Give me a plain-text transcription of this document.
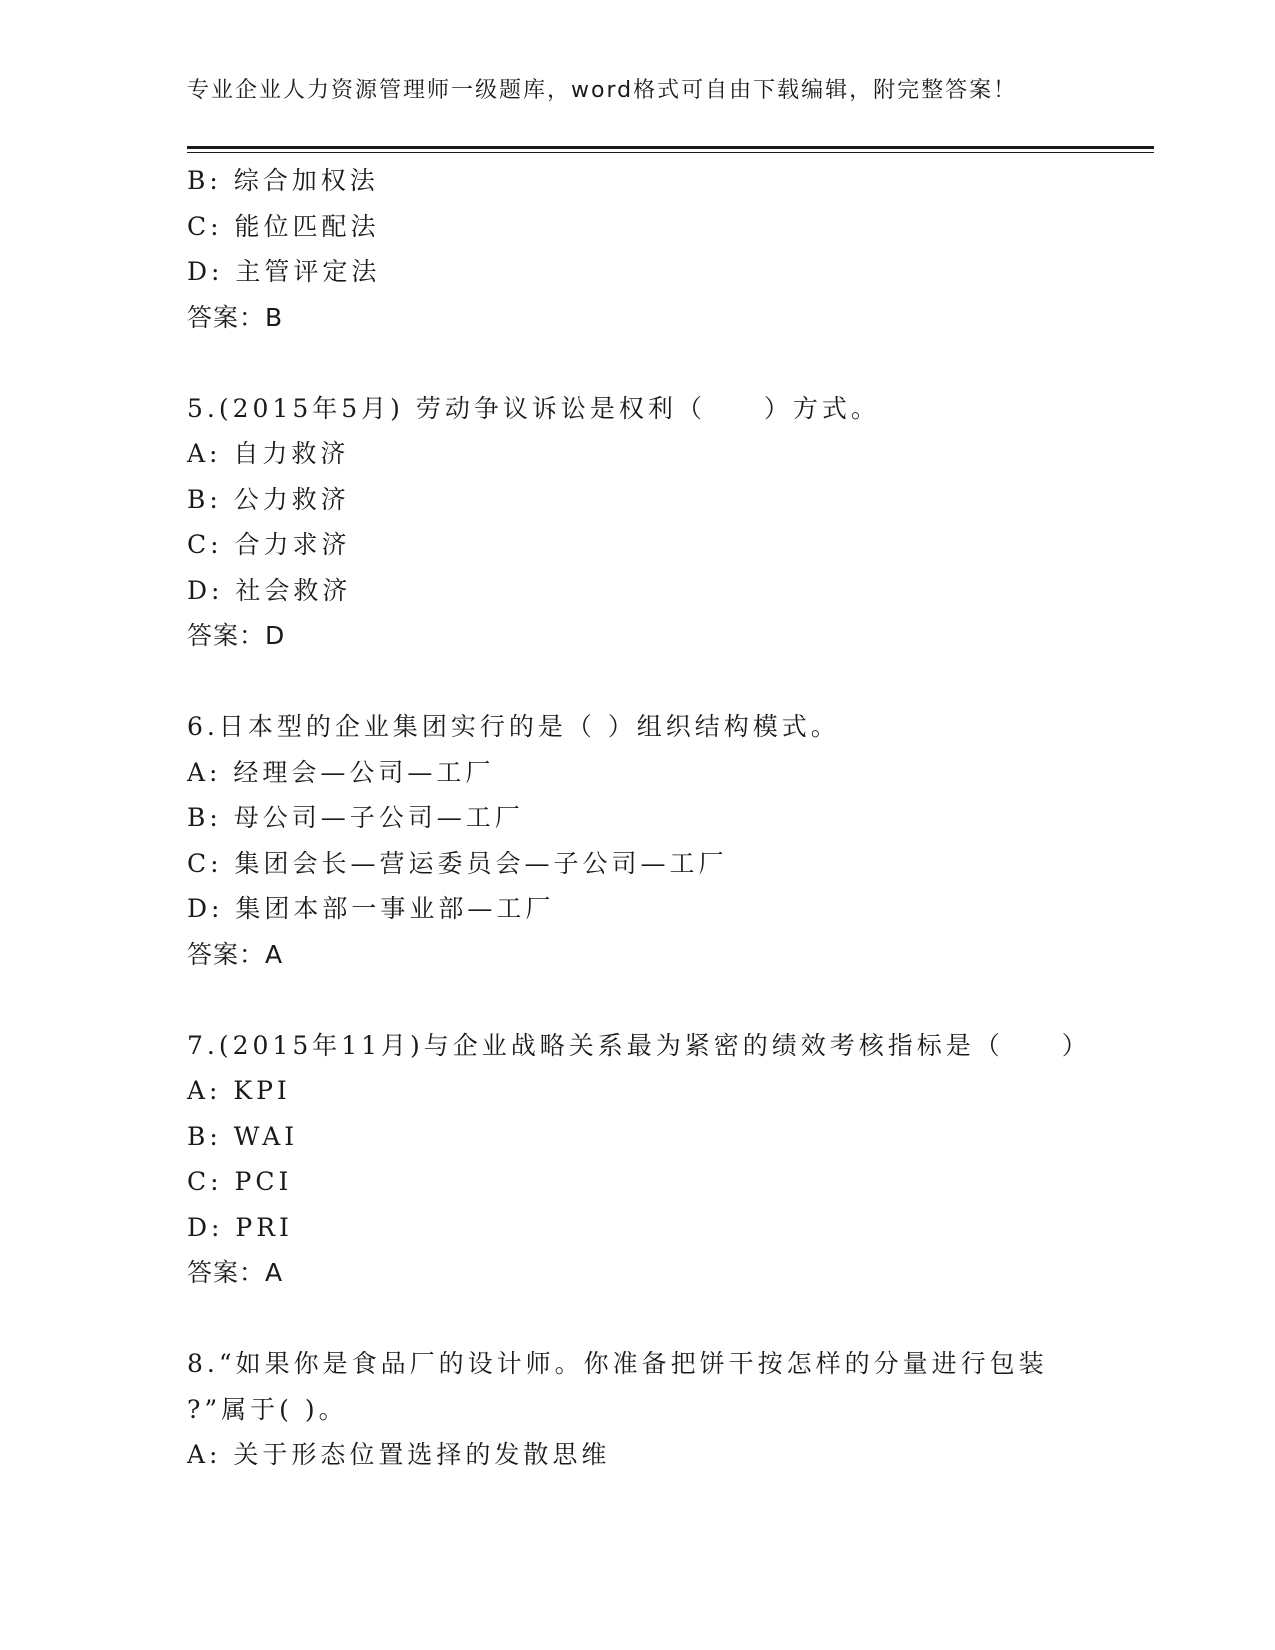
专业企业人力资源管理师一级题库，word格式可自由下载编辑，附完整答案！
B: 综合加权法
C: 能位匹配法
D: 主管评定法
答案：B
5.(2015年5月) 劳动争议诉讼是权利（　　）方式。
A: 自力救济
B: 公力救济
C: 合力求济
D: 社会救济
答案：D
6.日本型的企业集团实行的是（ ）组织结构模式。
A: 经理会—公司—工厂
B: 母公司—子公司—工厂
C: 集团会长—营运委员会—子公司—工厂
D: 集团本部一事业部—工厂
答案：A
7.(2015年11月)与企业战略关系最为紧密的绩效考核指标是（　　）
A: KPI
B: WAI
C: PCI
D: PRI
答案：A
8.“如果你是食品厂的设计师。你准备把饼干按怎样的分量进行包装
?”属于( )。
A: 关于形态位置选择的发散思维
